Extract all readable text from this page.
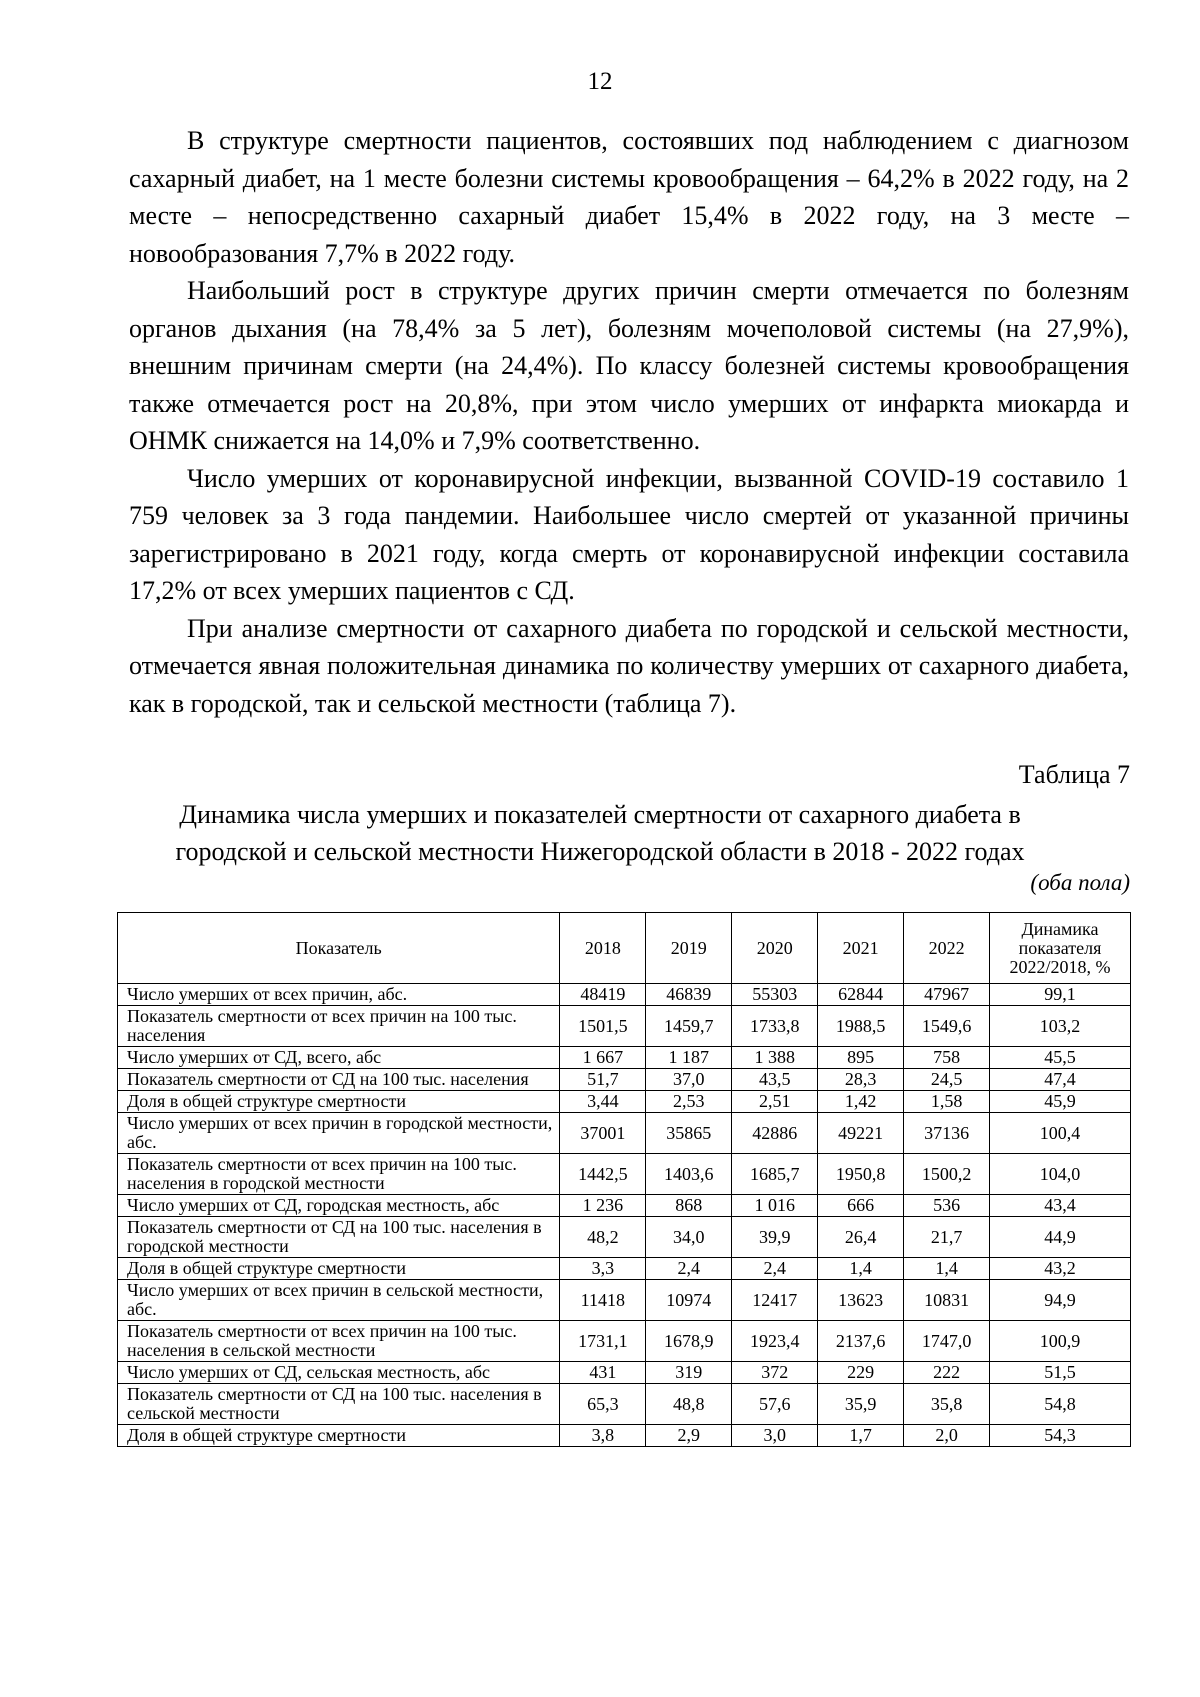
12

В структуре смертности пациентов, состоявших под наблюдением с диагнозом сахарный диабет, на 1 месте болезни системы кровообращения – 64,2% в 2022 году, на 2 месте – непосредственно сахарный диабет 15,4% в 2022 году, на 3 месте – новообразования 7,7% в 2022 году.

Наибольший рост в структуре других причин смерти отмечается по болезням органов дыхания (на 78,4% за 5 лет), болезням мочеполовой системы (на 27,9%), внешним причинам смерти (на 24,4%). По классу болезней системы кровообращения также отмечается рост на 20,8%, при этом число умерших от инфаркта миокарда и ОНМК снижается на 14,0% и 7,9% соответственно.

Число умерших от коронавирусной инфекции, вызванной COVID-19 составило 1 759 человек за 3 года пандемии. Наибольшее число смертей от указанной причины зарегистрировано в 2021 году, когда смерть от коронавирусной инфекции составила 17,2% от всех умерших пациентов с СД.

При анализе смертности от сахарного диабета по городской и сельской местности, отмечается явная положительная динамика по количеству умерших от сахарного диабета, как в городской, так и сельской местности (таблица 7).

Таблица 7
Динамика числа умерших и показателей смертности от сахарного диабета в
городской и сельской местности Нижегородской области в 2018 - 2022 годах
(оба пола)
Показатель	2018	2019	2020	2021	2022	Динамика показателя 2022/2018, %
Число умерших от всех причин, абс.	48419	46839	55303	62844	47967	99,1
Показатель смертности от всех причин на 100 тыс. населения	1501,5	1459,7	1733,8	1988,5	1549,6	103,2
Число умерших от СД, всего, абс	1 667	1 187	1 388	895	758	45,5
Показатель смертности от СД на 100 тыс. населения	51,7	37,0	43,5	28,3	24,5	47,4
Доля в общей структуре смертности	3,44	2,53	2,51	1,42	1,58	45,9
Число умерших от всех причин в городской местности, абс.	37001	35865	42886	49221	37136	100,4
Показатель смертности от всех причин на 100 тыс. населения в городской местности	1442,5	1403,6	1685,7	1950,8	1500,2	104,0
Число умерших от СД, городская местность, абс	1 236	868	1 016	666	536	43,4
Показатель смертности от СД на 100 тыс. населения в городской местности	48,2	34,0	39,9	26,4	21,7	44,9
Доля в общей структуре смертности	3,3	2,4	2,4	1,4	1,4	43,2
Число умерших от всех причин в сельской местности, абс.	11418	10974	12417	13623	10831	94,9
Показатель смертности от всех причин на 100 тыс. населения в сельской местности	1731,1	1678,9	1923,4	2137,6	1747,0	100,9
Число умерших от СД, сельская местность, абс	431	319	372	229	222	51,5
Показатель смертности от СД на 100 тыс. населения в сельской местности	65,3	48,8	57,6	35,9	35,8	54,8
Доля в общей структуре смертности	3,8	2,9	3,0	1,7	2,0	54,3
